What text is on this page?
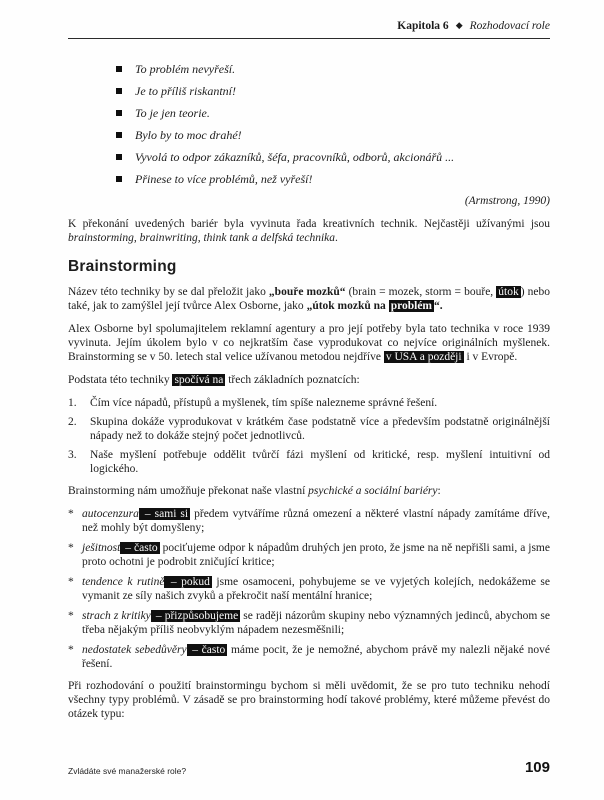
Kapitola 6 ◆ Rozhodovací role
To problém nevyřeší.
Je to příliš riskantní!
To je jen teorie.
Bylo by to moc drahé!
Vyvolá to odpor zákazníků, šéfa, pracovníků, odborů, akcionářů ...
Přinese to více problémů, než vyřeší!

(Armstrong, 1990)

K překonání uvedených bariér byla vyvinuta řada kreativních technik. Nejčastěji užívanými jsou brainstorming, brainwriting, think tank a delfská technika.

Brainstorming

Název této techniky by se dal přeložit jako „bouře mozků“ (brain = mozek, storm = bouře, útok ) nebo také, jak to zamýšlel její tvůrce Alex Osborne, jako „útok mozků na problém “.

Alex Osborne byl spolumajitelem reklamní agentury a pro její potřeby byla tato technika v roce 1939 vyvinuta. Jejím úkolem bylo v co nejkratším čase vyprodukovat co nejvíce originálních myšlenek. Brainstorming se v 50. letech stal velice užívanou metodou nejdříve v USA a později i v Evropě.

Podstata této techniky spočívá na třech základních poznatcích:

1. Čím více nápadů, přístupů a myšlenek, tím spíše nalezneme správné řešení.
2. Skupina dokáže vyprodukovat v krátkém čase podstatně více a především podstatně originálnější nápady než to dokáže stejný počet jednotlivců.
3. Naše myšlení potřebuje oddělit tvůrčí fázi myšlení od kritické, resp. myšlení intuitivní od logického.

Brainstorming nám umožňuje překonat naše vlastní psychické a sociální bariéry:

* autocenzura – sami si předem vytváříme různá omezení a některé vlastní nápady zamítáme dříve, než mohly být domyšleny;
* ješitnost – často pociťujeme odpor k nápadům druhých jen proto, že jsme na ně nepřišli sami, a jsme proto ochotni je podrobit zničující kritice;
* tendence k rutině – pokud jsme osamoceni, pohybujeme se ve vyjetých kolejích, nedokážeme se vymanit ze síly našich zvyků a překročit naší mentální hranice;
* strach z kritiky – přizpůsobujeme se raději názorům skupiny nebo významných jedinců, abychom se třeba nějakým příliš neobvyklým nápadem nezesměšnili;
* nedostatek sebedůvěry – často máme pocit, že je nemožné, abychom právě my nalezli nějaké nové řešení.

Při rozhodování o použití brainstormingu bychom si měli uvědomit, že se pro tuto techniku nehodí všechny typy problémů. V zásadě se pro brainstorming hodí takové problémy, které můžeme převést do otázek typu:

Zvládáte své manažerské role?	109
